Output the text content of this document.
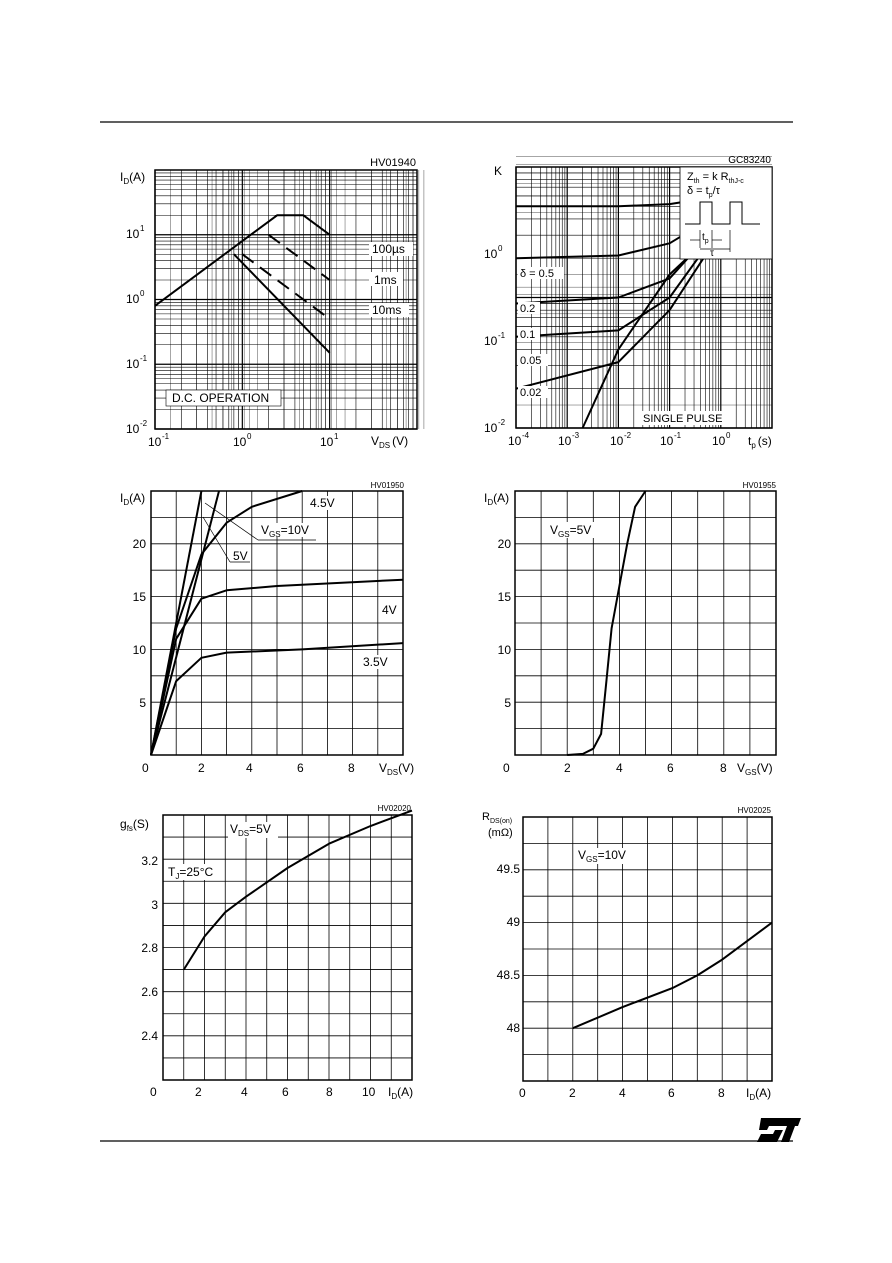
HV01940
$I_D(A)$
$V_{DS}$ (V)
10 -1	10 0	10 1
10 -2
10 -1
10 0
10 1
100µs
1ms
10ms
D.C. OPERATION
GC83240
K
$t_p$ (s)
10 -4 10 -3	10 -2 10 -1	10 0
10 -2
10 -1
10 0
$Z_{th} = k$ $R_{thJ-c}$
$\delta = t_p/\tau$
$t_p$
τ
δ = 0.5
0.2
0.1
0.05
0.02
SINGLE PULSE
HV01950
$I_D(A)$
$V_{DS}(V)$
0	2	4	6	8
5
10
15
20
4.5V
4V
3.5V
$V_{GS}=10V$
5V
HV01955
$I_D(A)$
$V_{GS}(V)$
0	2	4	6	8
5
10
15
20
$V_{GS}=5V$
HV02020
$g_{fs}(S)$
$I_D(A)$
0	2	4	6	8 10
2.4
2.6
2.8
3
3.2
$V_{DS}=5V$
$T_J=25^\circ C$
HV02025
$R_{DS(on)}$
(mΩ)
$I_D(A)$
0	2	4	6	8
48
48.5
49
49.5
$V_{GS}=10V$
